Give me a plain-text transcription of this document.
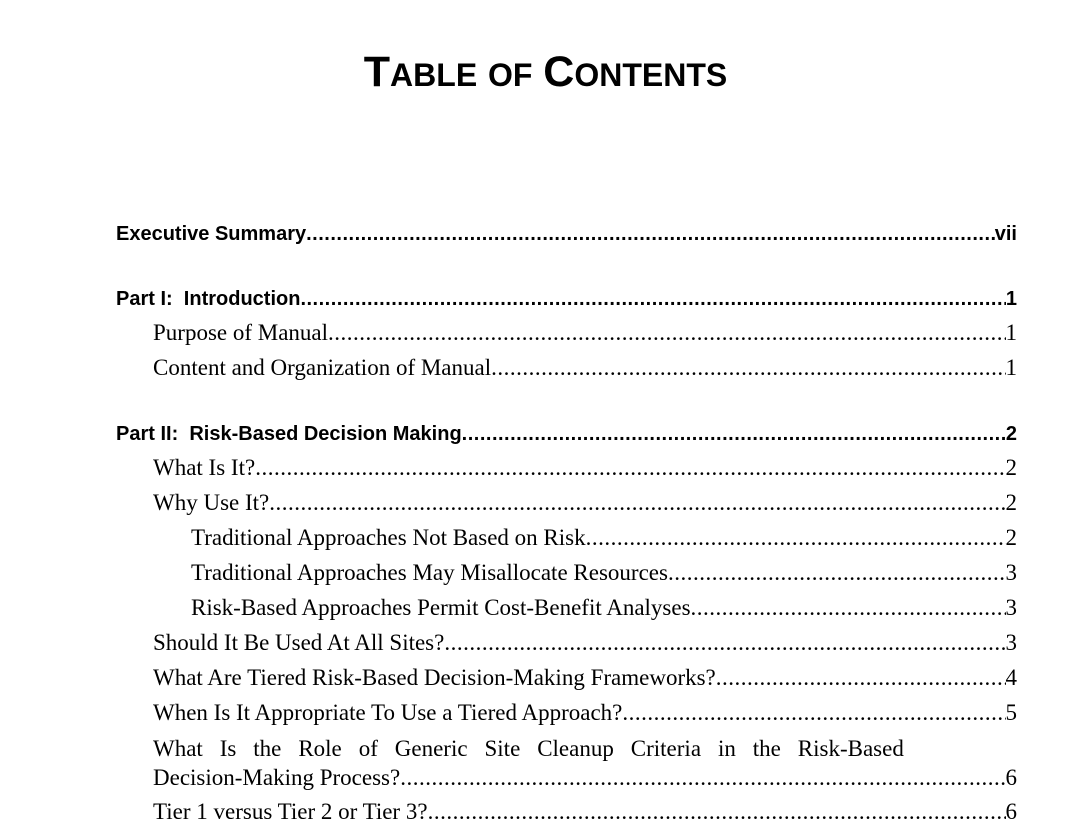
TABLE OF CONTENTS
Executive Summary .....	vii
Part I:  Introduction .....	1
Purpose of Manual .....	1
Content and Organization of Manual .....	1
Part II:  Risk-Based Decision Making .....	2
What Is It? .....	2
Why Use It? .....	2
Traditional Approaches Not Based on Risk .....	2
Traditional Approaches May Misallocate Resources .....	3
Risk-Based Approaches Permit Cost-Benefit Analyses .....	3
Should It Be Used At All Sites? .....	3
What Are Tiered Risk-Based Decision-Making Frameworks? .....	4
When Is It Appropriate To Use a Tiered Approach? .....	5
What Is the Role of Generic Site Cleanup Criteria in the Risk-Based
Decision-Making Process? .....	6
Tier 1 versus Tier 2 or Tier 3? .....	6
